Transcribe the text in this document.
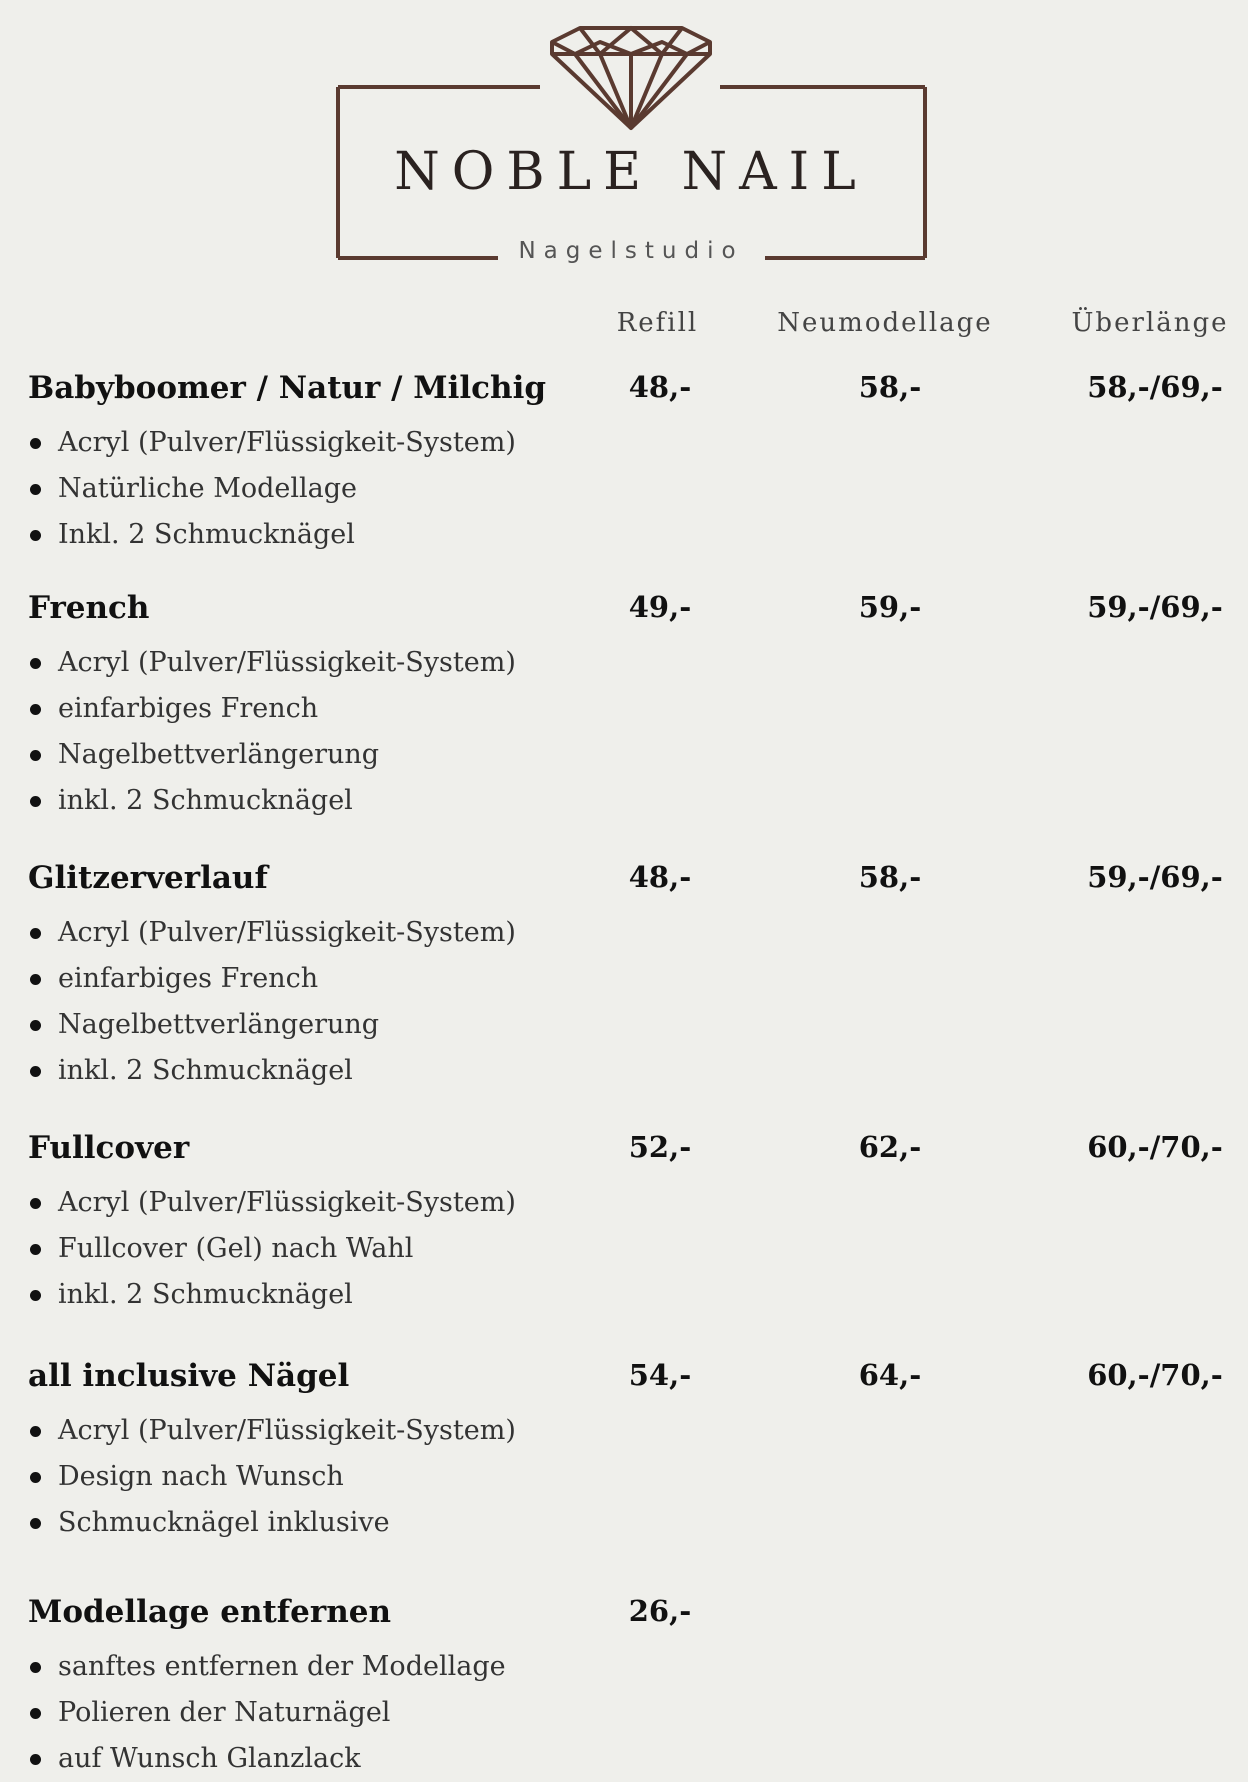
NOBLE NAIL
Nagelstudio
Refill	Neumodellage	Überlänge
Babyboomer / Natur / Milchig	48,-	58,-	58,-/69,-
Acryl (Pulver/Flüssigkeit-System)
Natürliche Modellage
Inkl. 2 Schmucknägel
French	49,-	59,-	59,-/69,-
Acryl (Pulver/Flüssigkeit-System)
einfarbiges French
Nagelbettverlängerung
inkl. 2 Schmucknägel
Glitzerverlauf	48,-	58,-	59,-/69,-
Acryl (Pulver/Flüssigkeit-System)
einfarbiges French
Nagelbettverlängerung
inkl. 2 Schmucknägel
Fullcover	52,-	62,-	60,-/70,-
Acryl (Pulver/Flüssigkeit-System)
Fullcover (Gel) nach Wahl
inkl. 2 Schmucknägel
all inclusive Nägel	54,-	64,-	60,-/70,-
Acryl (Pulver/Flüssigkeit-System)
Design nach Wunsch
Schmucknägel inklusive
Modellage entfernen	26,-
sanftes entfernen der Modellage
Polieren der Naturnägel
auf Wunsch Glanzlack
